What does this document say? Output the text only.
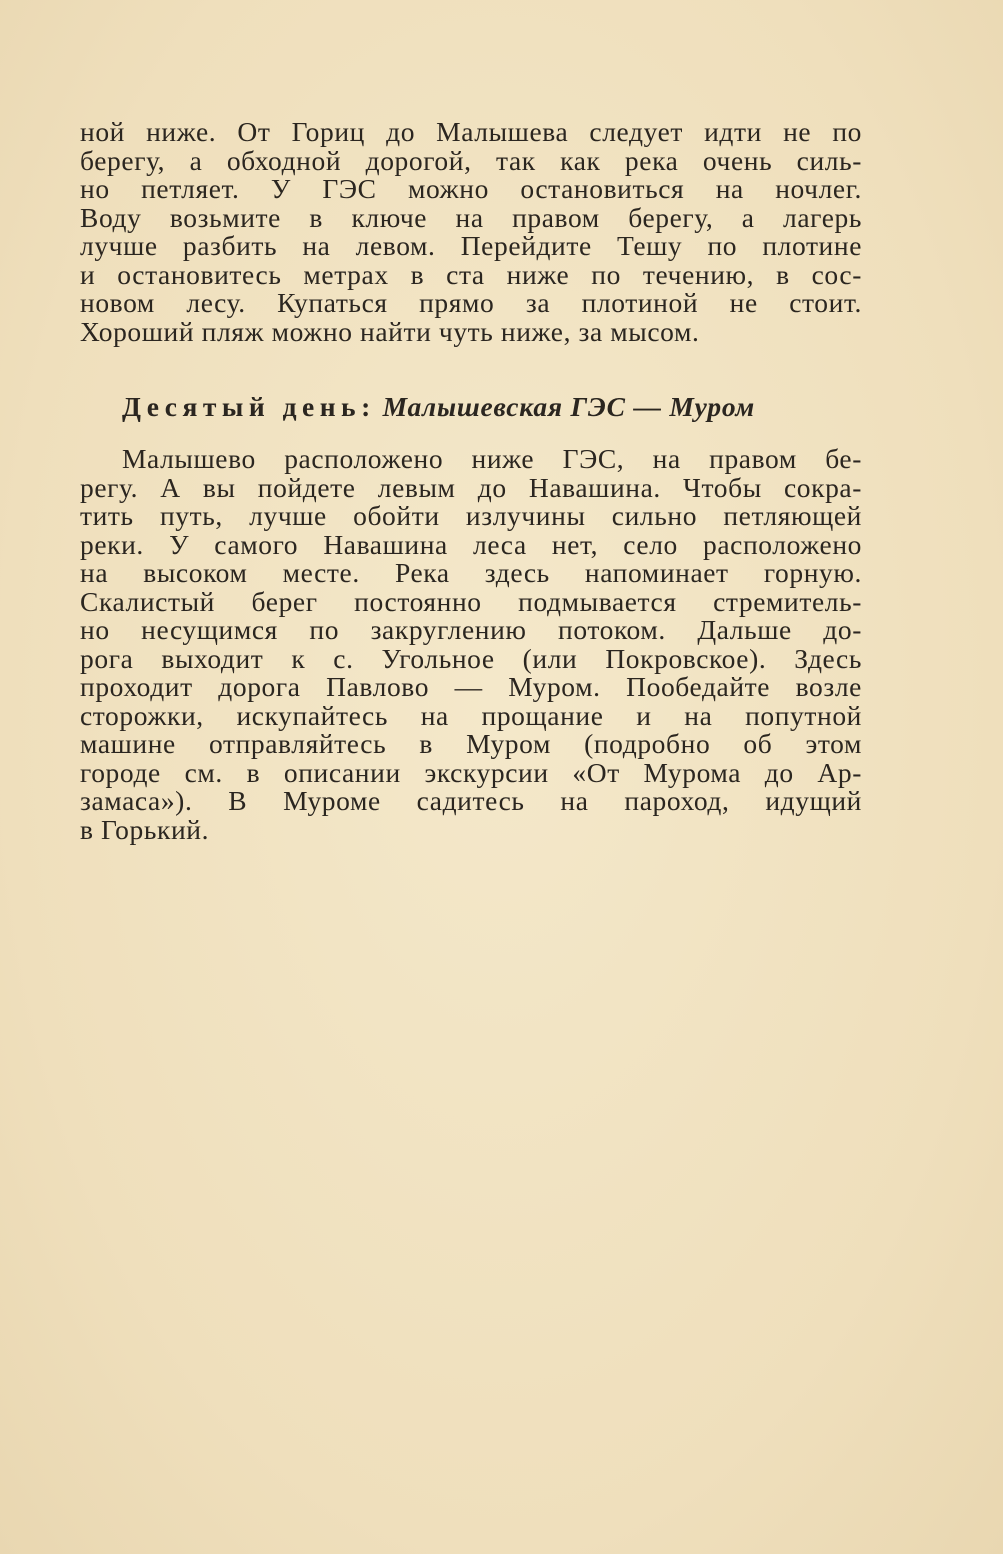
ной ниже. От Гориц до Малышева следует идти не по
берегу, а обходной дорогой, так как река очень силь-
но петляет. У ГЭС можно остановиться на ночлег.
Воду возьмите в ключе на правом берегу, а лагерь
лучше разбить на левом. Перейдите Тешу по плотине
и остановитесь метрах в ста ниже по течению, в сос-
новом лесу. Купаться прямо за плотиной не стоит.
Хороший пляж можно найти чуть ниже, за мысом.
Десятый день: Малышевская ГЭС — Муром
Малышево расположено ниже ГЭС, на правом бе-
регу. А вы пойдете левым до Навашина. Чтобы сокра-
тить путь, лучше обойти излучины сильно петляющей
реки. У самого Навашина леса нет, село расположено
на высоком месте. Река здесь напоминает горную.
Скалистый берег постоянно подмывается стремитель-
но несущимся по закруглению потоком. Дальше до-
рога выходит к с. Угольное (или Покровское). Здесь
проходит дорога Павлово — Муром. Пообедайте возле
сторожки, искупайтесь на прощание и на попутной
машине отправляйтесь в Муром (подробно об этом
городе см. в описании экскурсии «От Мурома до Ар-
замаса»). В Муроме садитесь на пароход, идущий
в Горький.
